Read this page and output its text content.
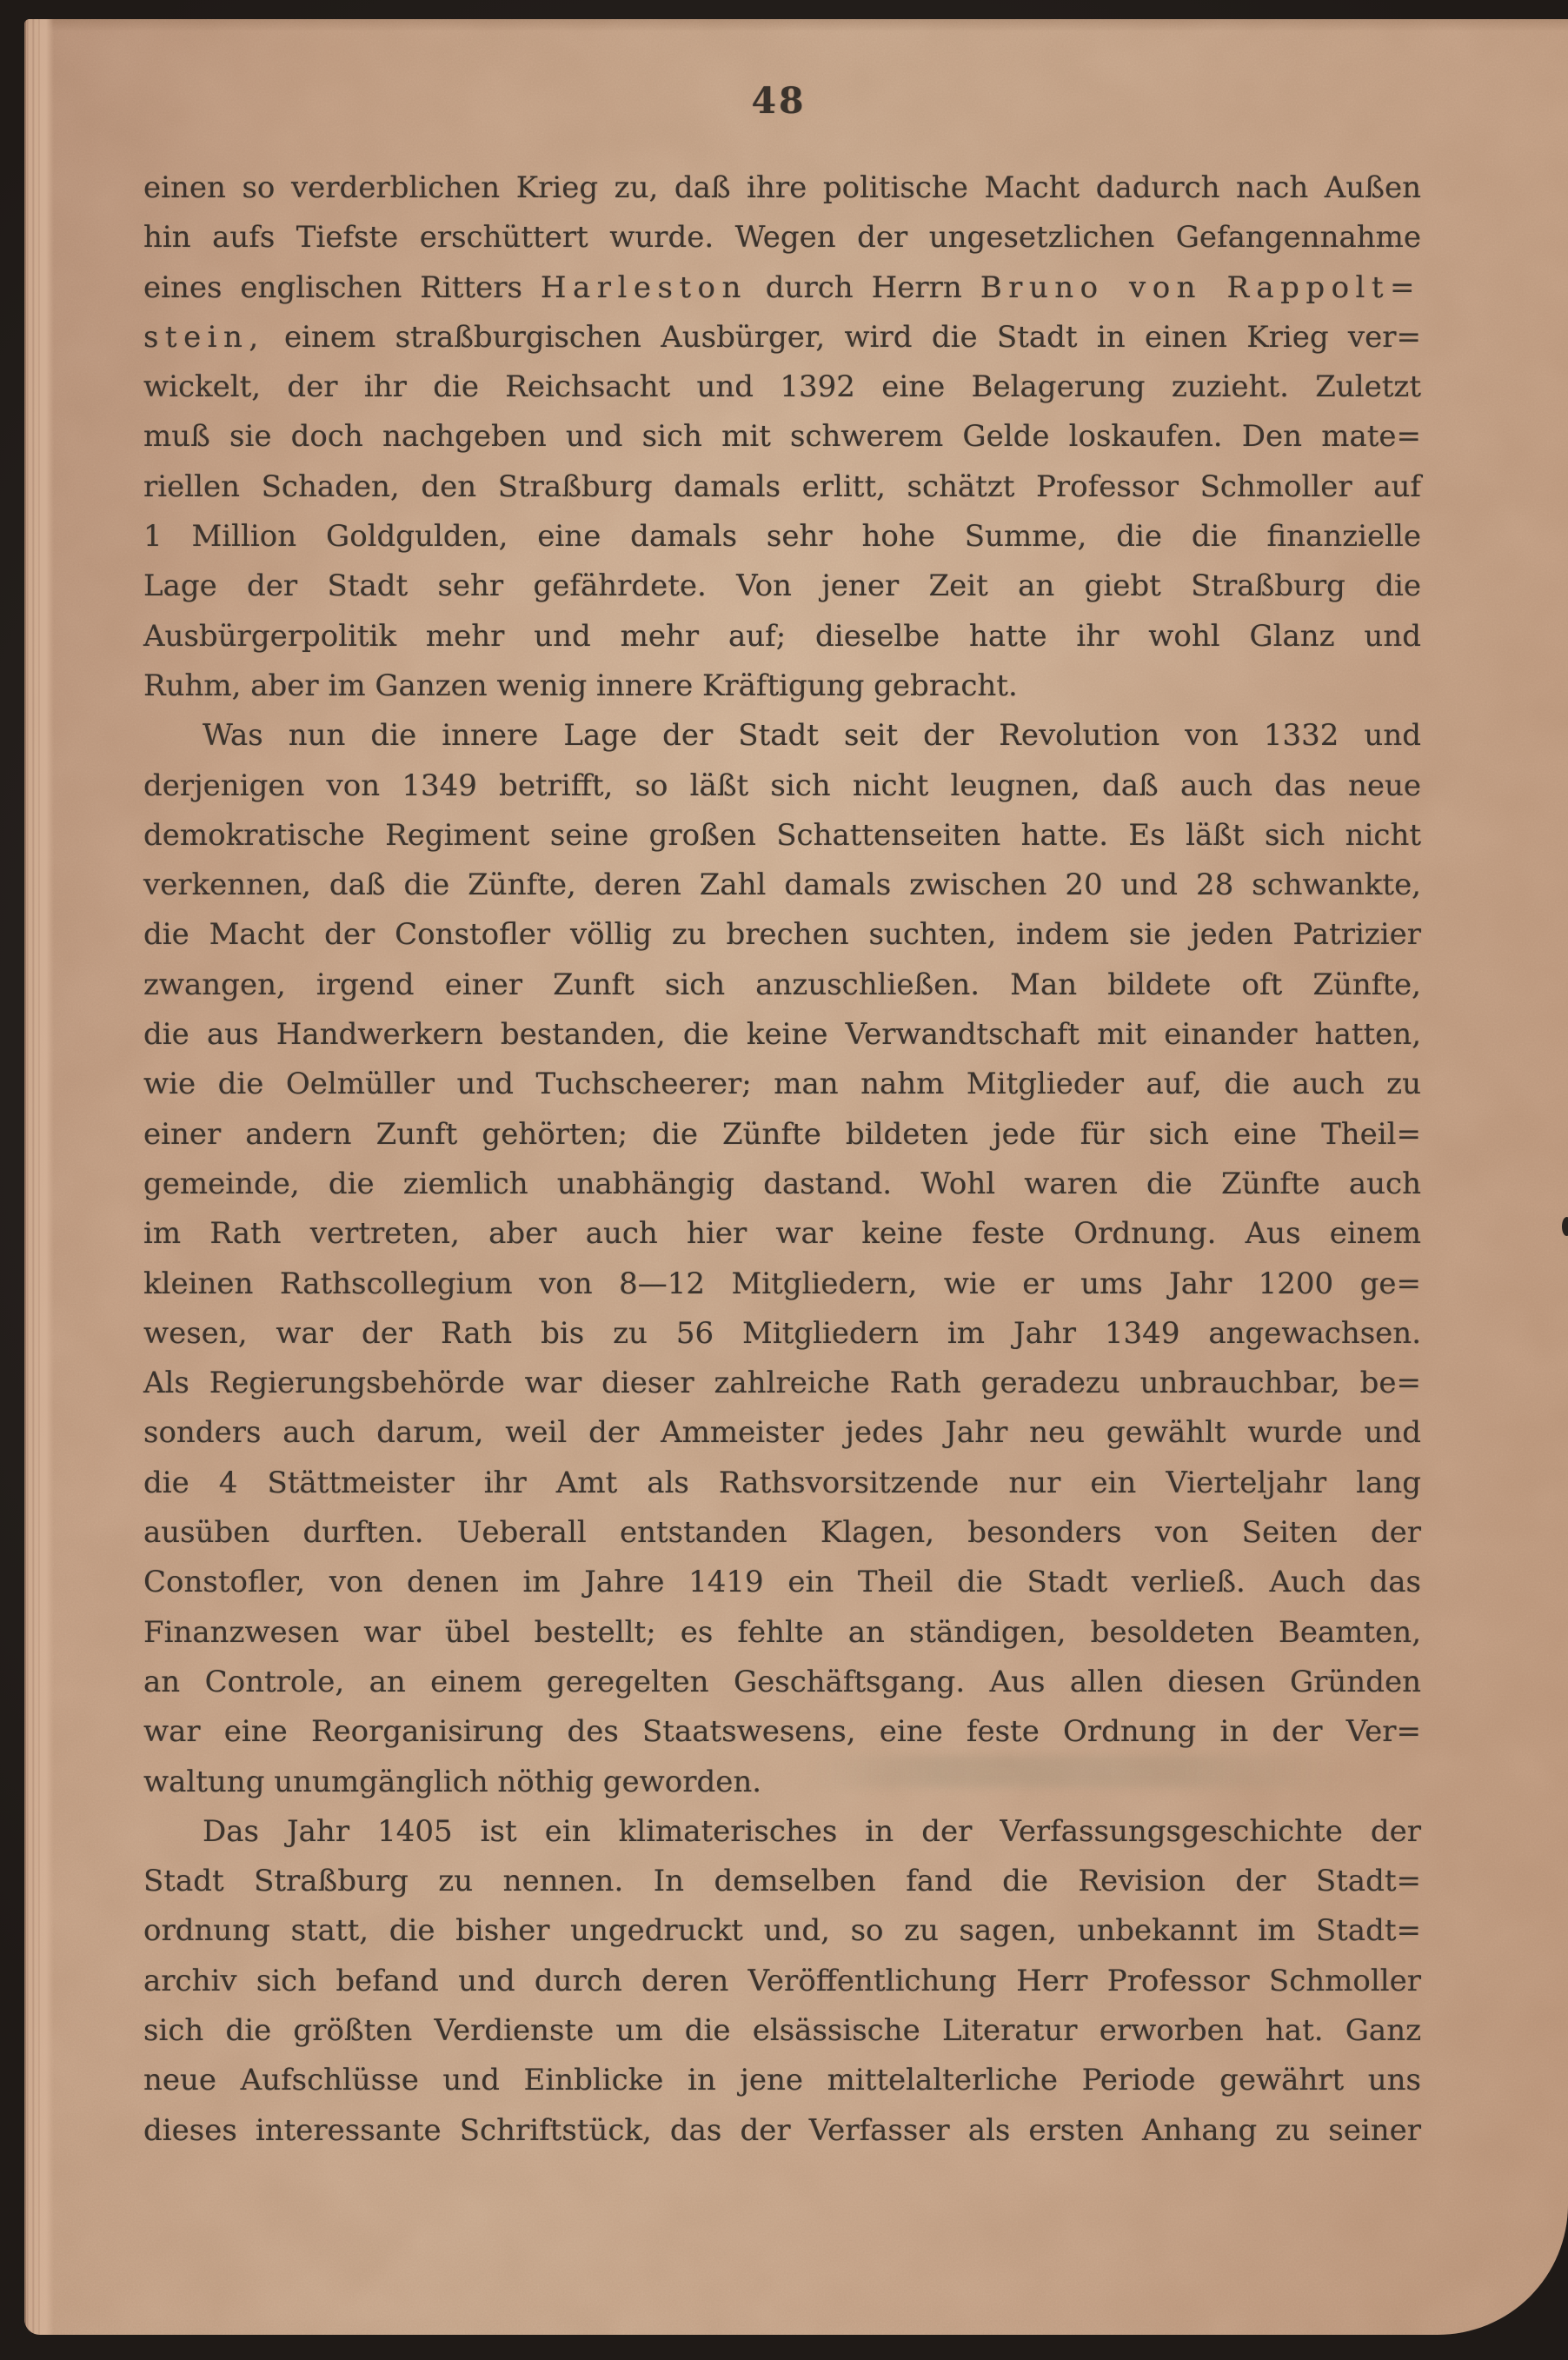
48
einen so verderblichen Krieg zu, daß ihre politische Macht dadurch nach Außen
hin aufs Tiefste erschüttert wurde. Wegen der ungesetzlichen Gefangennahme
eines englischen Ritters Harleston durch Herrn Bruno von Rappolt=
stein, einem straßburgischen Ausbürger, wird die Stadt in einen Krieg ver=
wickelt, der ihr die Reichsacht und 1392 eine Belagerung zuzieht. Zuletzt
muß sie doch nachgeben und sich mit schwerem Gelde loskaufen. Den mate=
riellen Schaden, den Straßburg damals erlitt, schätzt Professor Schmoller auf
1 Million Goldgulden, eine damals sehr hohe Summe, die die finanzielle
Lage der Stadt sehr gefährdete. Von jener Zeit an giebt Straßburg die
Ausbürgerpolitik mehr und mehr auf; dieselbe hatte ihr wohl Glanz und
Ruhm, aber im Ganzen wenig innere Kräftigung gebracht.
Was nun die innere Lage der Stadt seit der Revolution von 1332 und
derjenigen von 1349 betrifft, so läßt sich nicht leugnen, daß auch das neue
demokratische Regiment seine großen Schattenseiten hatte. Es läßt sich nicht
verkennen, daß die Zünfte, deren Zahl damals zwischen 20 und 28 schwankte,
die Macht der Constofler völlig zu brechen suchten, indem sie jeden Patrizier
zwangen, irgend einer Zunft sich anzuschließen. Man bildete oft Zünfte,
die aus Handwerkern bestanden, die keine Verwandtschaft mit einander hatten,
wie die Oelmüller und Tuchscheerer; man nahm Mitglieder auf, die auch zu
einer andern Zunft gehörten; die Zünfte bildeten jede für sich eine Theil=
gemeinde, die ziemlich unabhängig dastand. Wohl waren die Zünfte auch
im Rath vertreten, aber auch hier war keine feste Ordnung. Aus einem
kleinen Rathscollegium von 8—12 Mitgliedern, wie er ums Jahr 1200 ge=
wesen, war der Rath bis zu 56 Mitgliedern im Jahr 1349 angewachsen.
Als Regierungsbehörde war dieser zahlreiche Rath geradezu unbrauchbar, be=
sonders auch darum, weil der Ammeister jedes Jahr neu gewählt wurde und
die 4 Stättmeister ihr Amt als Rathsvorsitzende nur ein Vierteljahr lang
ausüben durften. Ueberall entstanden Klagen, besonders von Seiten der
Constofler, von denen im Jahre 1419 ein Theil die Stadt verließ. Auch das
Finanzwesen war übel bestellt; es fehlte an ständigen, besoldeten Beamten,
an Controle, an einem geregelten Geschäftsgang. Aus allen diesen Gründen
war eine Reorganisirung des Staatswesens, eine feste Ordnung in der Ver=
waltung unumgänglich nöthig geworden.
Das Jahr 1405 ist ein klimaterisches in der Verfassungsgeschichte der
Stadt Straßburg zu nennen. In demselben fand die Revision der Stadt=
ordnung statt, die bisher ungedruckt und, so zu sagen, unbekannt im Stadt=
archiv sich befand und durch deren Veröffentlichung Herr Professor Schmoller
sich die größten Verdienste um die elsässische Literatur erworben hat. Ganz
neue Aufschlüsse und Einblicke in jene mittelalterliche Periode gewährt uns
dieses interessante Schriftstück, das der Verfasser als ersten Anhang zu seiner
